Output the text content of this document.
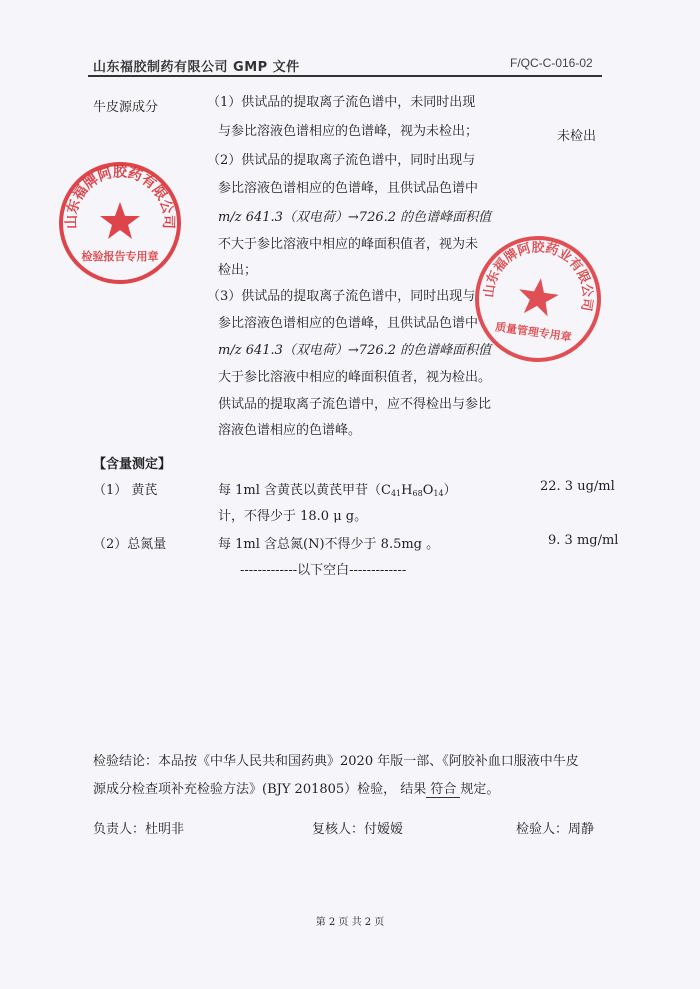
山东福胶制药有限公司 GMP 文件	F/QC-C-016-02
牛皮源成分	（1）供试品的提取离子流色谱中，未同时出现
与参比溶液色谱相应的色谱峰，视为未检出；	未检出
（2）供试品的提取离子流色谱中，同时出现与
参比溶液色谱相应的色谱峰，且供试品色谱中
m/z 641.3（双电荷）→726.2 的色谱峰面积值
不大于参比溶液中相应的峰面积值者，视为未
检出；
（3）供试品的提取离子流色谱中，同时出现与
参比溶液色谱相应的色谱峰，且供试品色谱中
m/z 641.3（双电荷）→726.2 的色谱峰面积值
大于参比溶液中相应的峰面积值者，视为检出。
供试品的提取离子流色谱中，应不得检出与参比
溶液色谱相应的色谱峰。
【含量测定】
（1） 黄芪	每 1ml 含黄芪以黄芪甲苷$(C_{41}H_{68}O_{14})$	22. 3 ug/ml
计，不得少于 18.0 μ g。
（2）总氮量	每 1ml 含总氮(N)不得少于 8.5mg 。	9. 3 mg/ml
-------------以下空白-------------
检验结论：本品按《中华人民共和国药典》2020 年版一部、《阿胶补血口服液中牛皮
源成分检查项补充检验方法》(BJY 201805）检验， 结果 符合 规定。
负责人：杜明非	复核人：付嫒嫒	检验人：周静
第 2 页 共 2 页
山东福牌阿胶药有限公司
检验报告专用章
山东福牌阿胶药业有限公司
质量管理专用章
